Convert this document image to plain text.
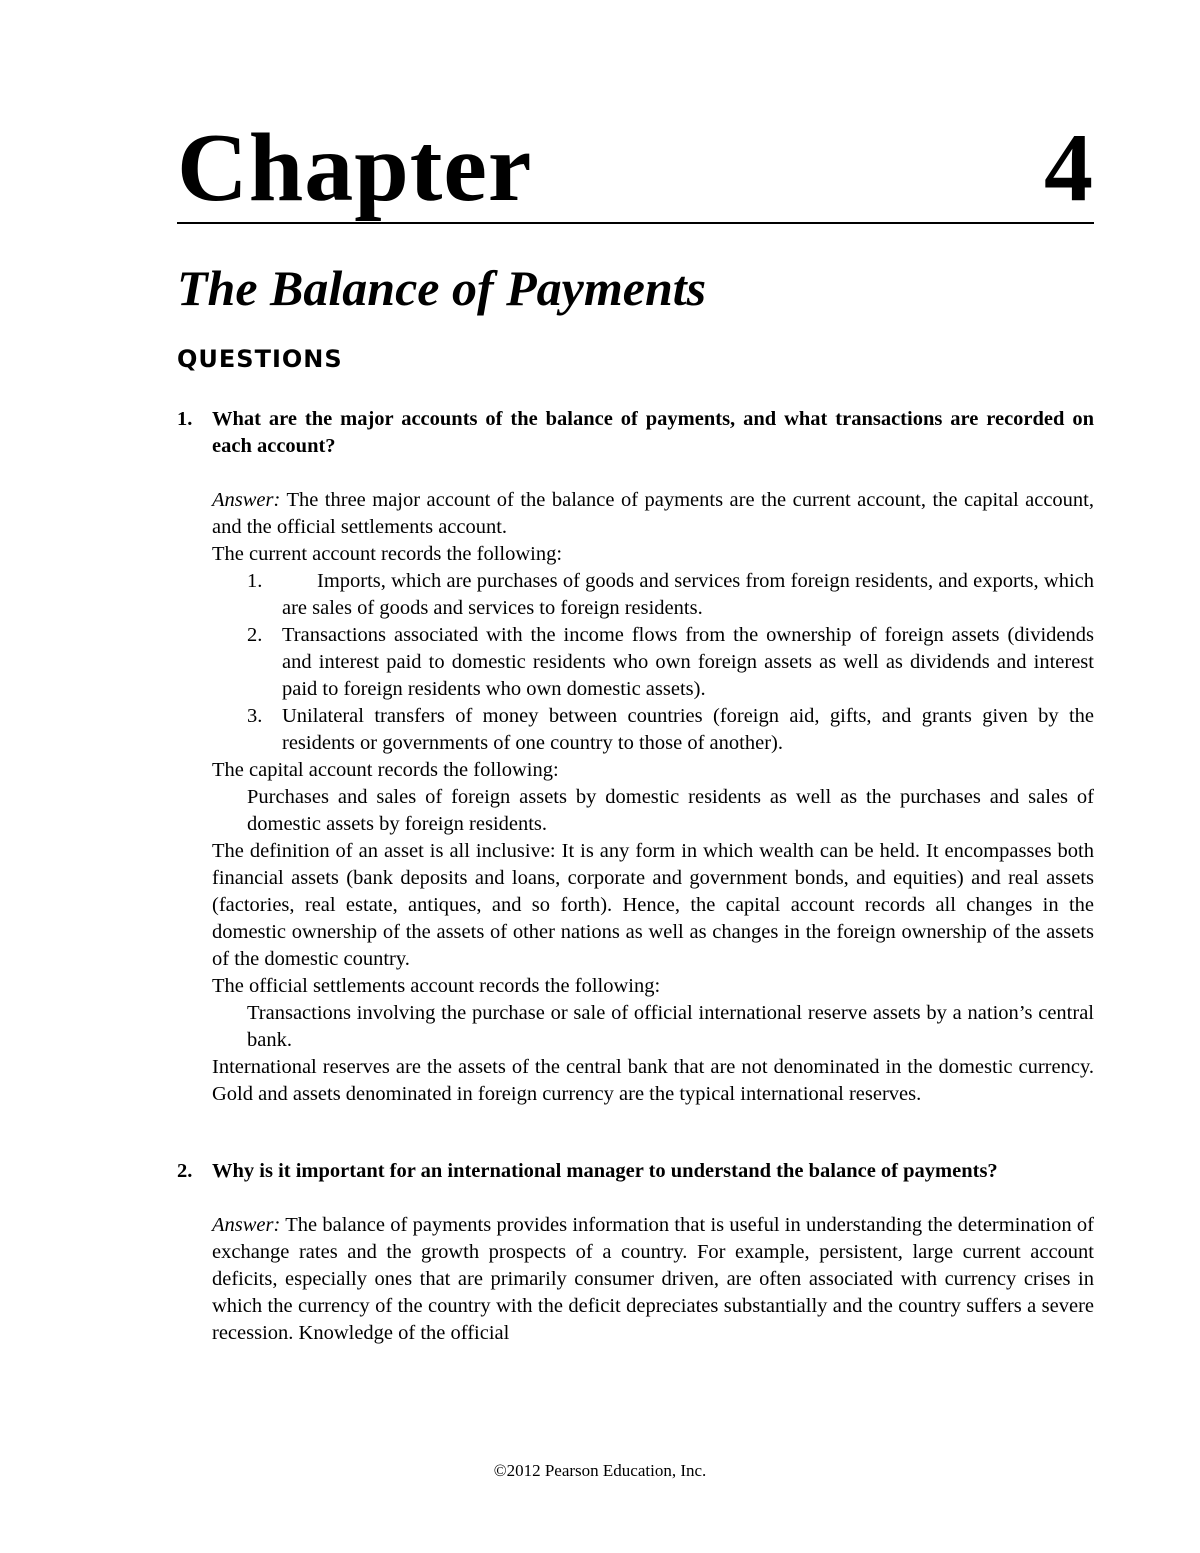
Chapter	4
The Balance of Payments
QUESTIONS
1. What are the major accounts of the balance of payments, and what transactions are recorded on each account?

Answer: The three major account of the balance of payments are the current account, the capital account, and the official settlements account.

The current account records the following:

1.	Imports, which are purchases of goods and services from foreign residents, and exports, which are sales of goods and services to foreign residents.
2. Transactions associated with the income flows from the ownership of foreign assets (dividends and interest paid to domestic residents who own foreign assets as well as dividends and interest paid to foreign residents who own domestic assets).
3. Unilateral transfers of money between countries (foreign aid, gifts, and grants given by the residents or governments of one country to those of another).

The capital account records the following:

Purchases and sales of foreign assets by domestic residents as well as the purchases and sales of domestic assets by foreign residents.

The definition of an asset is all inclusive: It is any form in which wealth can be held. It encompasses both financial assets (bank deposits and loans, corporate and government bonds, and equities) and real assets (factories, real estate, antiques, and so forth). Hence, the capital account records all changes in the domestic ownership of the assets of other nations as well as changes in the foreign ownership of the assets of the domestic country.

The official settlements account records the following:

Transactions involving the purchase or sale of official international reserve assets by a nation’s central bank.

International reserves are the assets of the central bank that are not denominated in the domestic currency. Gold and assets denominated in foreign currency are the typical international reserves.

2. Why is it important for an international manager to understand the balance of payments?

Answer: The balance of payments provides information that is useful in understanding the determination of exchange rates and the growth prospects of a country. For example, persistent, large current account deficits, especially ones that are primarily consumer driven, are often associated with currency crises in which the currency of the country with the deficit depreciates substantially and the country suffers a severe recession. Knowledge of the official

©2012 Pearson Education, Inc.
